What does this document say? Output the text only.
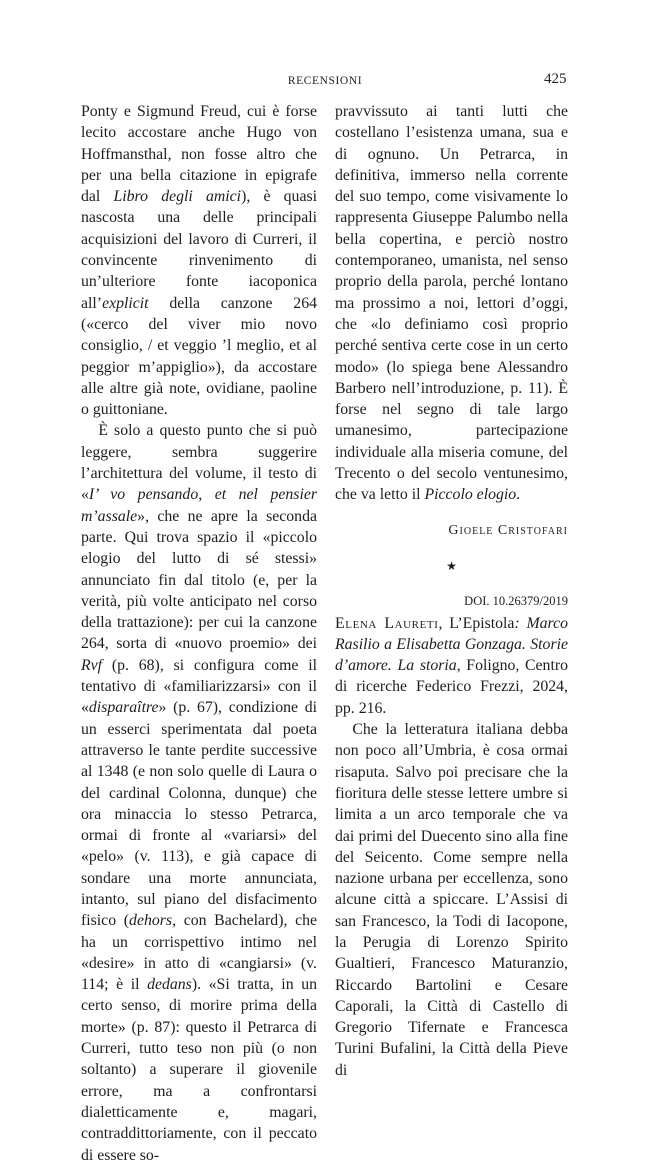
RECENSIONI	425

Ponty e Sigmund Freud, cui è forse lecito accostare anche Hugo von Hoffmansthal, non fosse altro che per una bella citazione in epigrafe dal Libro degli amici), è quasi nascosta una delle principali acquisizioni del lavoro di Curreri, il convincente rinvenimento di un’ulteriore fonte iacoponica all’explicit della canzone 264 («cerco del viver mio novo consiglio, / et veggio ’l meglio, et al peggior m’appiglio»), da accostare alle altre già note, ovidiane, paoline o guittoniane.

È solo a questo punto che si può leggere, sembra suggerire l’architettura del volume, il testo di «I’ vo pensando, et nel pensier m’assale», che ne apre la seconda parte. Qui trova spazio il «piccolo elogio del lutto di sé stessi» annunciato fin dal titolo (e, per la verità, più volte anticipato nel corso della trattazione): per cui la canzone 264, sorta di «nuovo proemio» dei Rvf (p. 68), si configura come il tentativo di «familiarizzarsi» con il «disparaître» (p. 67), condizione di un esserci sperimentata dal poeta attraverso le tante perdite successive al 1348 (e non solo quelle di Laura o del cardinal Colonna, dunque) che ora minaccia lo stesso Petrarca, ormai di fronte al «variarsi» del «pelo» (v. 113), e già capace di sondare una morte annunciata, intanto, sul piano del disfacimento fisico (dehors, con Bachelard), che ha un corrispettivo intimo nel «desire» in atto di «cangiarsi» (v. 114; è il dedans). «Si tratta, in un certo senso, di morire prima della morte» (p. 87): questo il Petrarca di Curreri, tutto teso non più (o non soltanto) a superare il giovenile errore, ma a confrontarsi dialetticamente e, magari, contraddittoriamente, con il peccato di essere so-

pravvissuto ai tanti lutti che costellano l’esistenza umana, sua e di ognuno. Un Petrarca, in definitiva, immerso nella corrente del suo tempo, come visivamente lo rappresenta Giuseppe Palumbo nella bella copertina, e perciò nostro contemporaneo, umanista, nel senso proprio della parola, perché lontano ma prossimo a noi, lettori d’oggi, che «lo definiamo così proprio perché sentiva certe cose in un certo modo» (lo spiega bene Alessandro Barbero nell’introduzione, p. 11). È forse nel segno di tale largo umanesimo, partecipazione individuale alla miseria comune, del Trecento o del secolo ventunesimo, che va letto il Piccolo elogio.

Gioele Cristofari
★
DOI. 10.26379/2019

Elena Laureti, L’Epistola: Marco Rasilio a Elisabetta Gonzaga. Storie d’amore. La storia, Foligno, Centro di ricerche Federico Frezzi, 2024, pp. 216.

Che la letteratura italiana debba non poco all’Umbria, è cosa ormai risaputa. Salvo poi precisare che la fioritura delle stesse lettere umbre si limita a un arco temporale che va dai primi del Duecento sino alla fine del Seicento. Come sempre nella nazione urbana per eccellenza, sono alcune città a spiccare. L’Assisi di san Francesco, la Todi di Iacopone, la Perugia di Lorenzo Spirito Gualtieri, Francesco Maturanzio, Riccardo Bartolini e Cesare Caporali, la Città di Castello di Gregorio Tifernate e Francesca Turini Bufalini, la Città della Pieve di
